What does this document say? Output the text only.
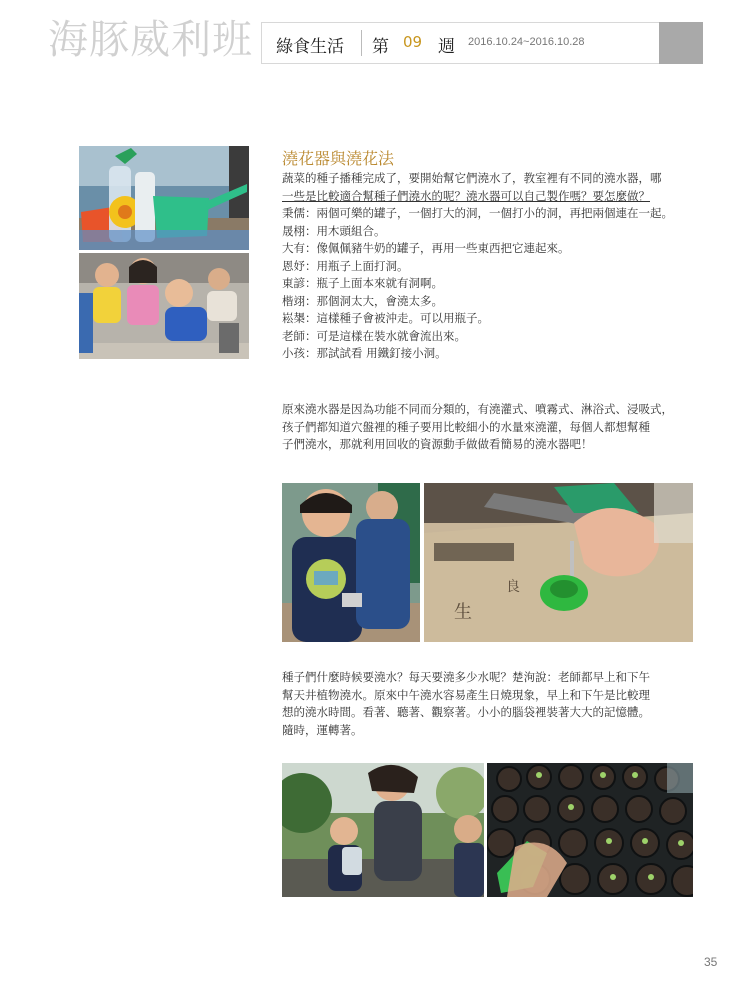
海豚威利班 綠食生活 第 09 週 2016.10.24~2016.10.28
澆花器與澆花法
蔬菜的種子播種完成了，要開始幫它們澆水了，教室裡有不同的澆水器，哪
一些是比較適合幫種子們澆水的呢？澆水器可以自己製作嗎？要怎麼做？
秉儒：兩個可樂的罐子，一個打大的洞，一個打小的洞，再把兩個連在一起。
晟栩：用木頭組合。
大有：像佩佩豬牛奶的罐子，再用一些東西把它連起來。
恩妤：用瓶子上面打洞。
東諺：瓶子上面本來就有洞啊。
楷翊：那個洞太大，會澆太多。
崧槼：這樣種子會被沖走。可以用瓶子。
老師：可是這樣在裝水就會流出來。
小孩：那試試看 用鐵釘接小洞。
原來澆水器是因為功能不同而分類的，有澆灌式、噴霧式、淋浴式、浸吸式，
孩子們都知道穴盤裡的種子要用比較細小的水量來澆灌，每個人都想幫種
子們澆水，那就利用回收的資源動手做做看簡易的澆水器吧！
生
良
種子們什麼時候要澆水？每天要澆多少水呢？楚洵說：老師都早上和下午
幫天井植物澆水。原來中午澆水容易產生日燒現象，早上和下午是比較理
想的澆水時間。看著、聽著、觀察著。小小的腦袋裡裝著大大的記憶體。
隨時，運轉著。
35
